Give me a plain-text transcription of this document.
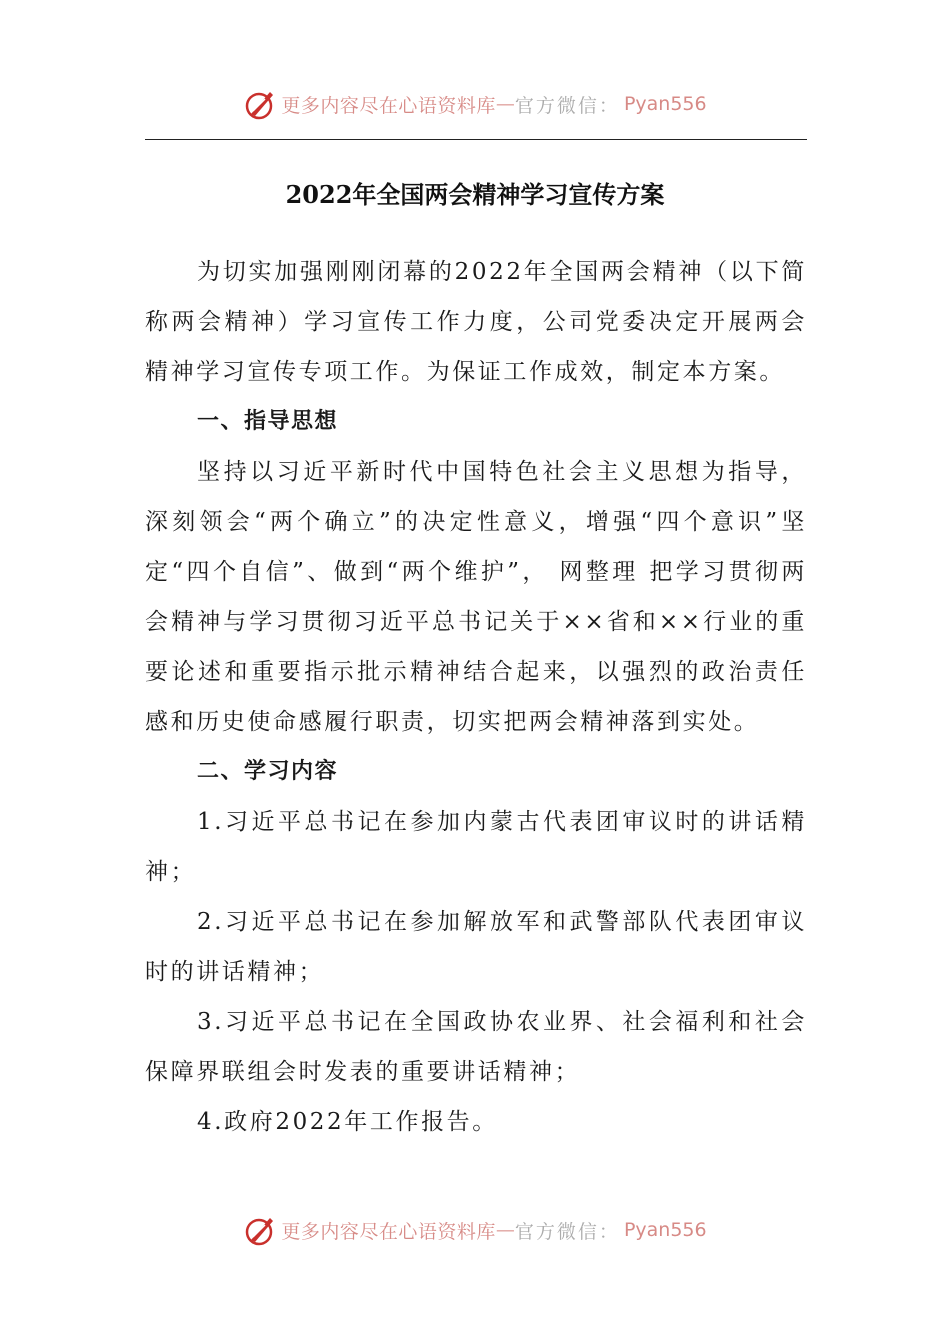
更多内容尽在心语资料库 — 官方微信： Pyan556
2022年全国两会精神学习宣传方案

为切实加强刚刚闭幕的2022年全国两会精神（以下简称两会精神）学习宣传工作力度，公司党委决定开展两会精神学习宣传专项工作。为保证工作成效，制定本方案。

一、指导思想

坚持以习近平新时代中国特色社会主义思想为指导，深刻领会“两个确立”的决定性意义，增强“四个意识”坚定“四个自信”、做到“两个维护”， 网整理 把学习贯彻两会精神与学习贯彻习近平总书记关于××省和××行业的重要论述和重要指示批示精神结合起来，以强烈的政治责任感和历史使命感履行职责，切实把两会精神落到实处。

二、学习内容

1.习近平总书记在参加内蒙古代表团审议时的讲话精神；

2.习近平总书记在参加解放军和武警部队代表团审议时的讲话精神；

3.习近平总书记在全国政协农业界、社会福利和社会保障界联组会时发表的重要讲话精神；

4.政府2022年工作报告。

更多内容尽在心语资料库 — 官方微信： Pyan556
